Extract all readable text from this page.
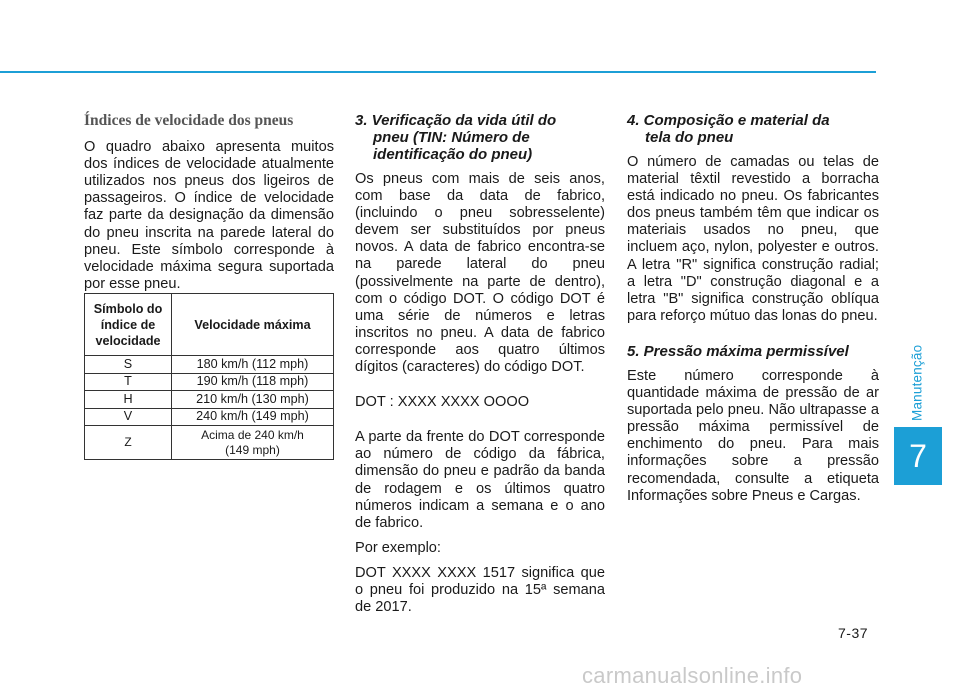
Índices de velocidade dos pneus

O quadro abaixo apresenta muitos dos índices de velocidade atualmente utilizados nos pneus dos ligeiros de passageiros. O índice de velocidade faz parte da designação da dimensão do pneu inscrita na parede lateral do pneu. Este símbolo corresponde à velocidade máxima segura suportada por esse pneu.

Símbolo do índice de velocidade	Velocidade máxima
S	180 km/h (112 mph)
T	190 km/h (118 mph)
H	210 km/h (130 mph)
V	240 km/h (149 mph)
Z	Acima de 240 km/h
(149 mph)
3. Verificação da vida útil do
pneu (TIN: Número de
identificação do pneu)

Os pneus com mais de seis anos, com base da data de fabrico, (incluindo o pneu sobresselente) devem ser substituídos por pneus novos. A data de fabrico encontra-se na parede lateral do pneu (possivelmente na parte de dentro), com o código DOT. O código DOT é uma série de números e letras inscritos no pneu. A data de fabrico corresponde aos quatro últimos dígitos (caracteres) do código DOT.

DOT : XXXX XXXX OOOO

A parte da frente do DOT corresponde ao número de código da fábrica, dimensão do pneu e padrão da banda de rodagem e os últimos quatro números indicam a semana e o ano de fabrico.

Por exemplo:

DOT XXXX XXXX 1517 significa que o pneu foi produzido na 15ª semana de 2017.

4. Composição e material da
tela do pneu

O número de camadas ou telas de material têxtil revestido a borracha está indicado no pneu. Os fabricantes dos pneus também têm que indicar os materiais usados no pneu, que incluem aço, nylon, polyester e outros. A letra "R" significa construção radial; a letra "D" construção diagonal e a letra "B" significa construção oblíqua para reforço mútuo das lonas do pneu.

5. Pressão máxima permissível

Este número corresponde à quantidade máxima de pressão de ar suportada pelo pneu. Não ultrapasse a pressão máxima permissível de enchimento do pneu. Para mais informações sobre a pressão recomendada, consulte a etiqueta Informações sobre Pneus e Cargas.

Manutenção
7
7-37
carmanualsonline.info
